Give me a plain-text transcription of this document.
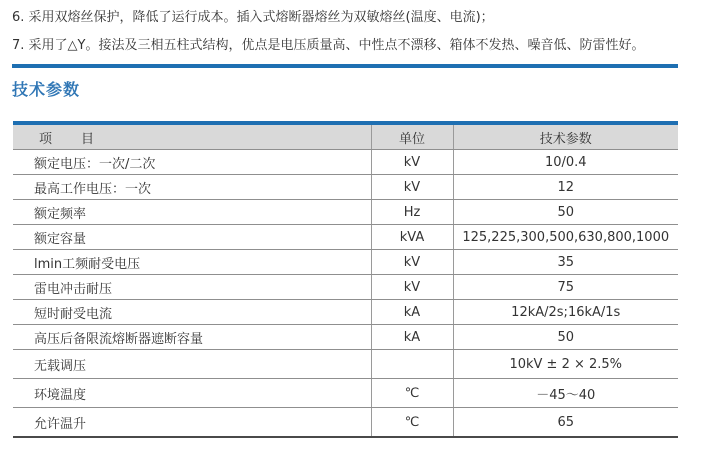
6. 采用双熔丝保护，降低了运行成本。插入式熔断器熔丝为双敏熔丝(温度、电流)；
7. 采用了△Y。接法及三相五柱式结构，优点是电压质量高、中性点不漂移、箱体不发热、噪音低、防雷性好。
技术参数

项　　目	单位	技术参数
额定电压：一次/二次	kV	10/0.4
最高工作电压：一次	kV	12
额定频率	Hz	50
额定容量	kVA	125,225,300,500,630,800,1000
lmin工频耐受电压	kV	35
雷电冲击耐压	kV	75
短时耐受电流	kA	12kA/2s;16kA/1s
高压后备限流熔断器遮断容量	kA	50
无载调压		10kV ± 2 × 2.5%
环境温度	℃	－45～40
允许温升	℃	65
